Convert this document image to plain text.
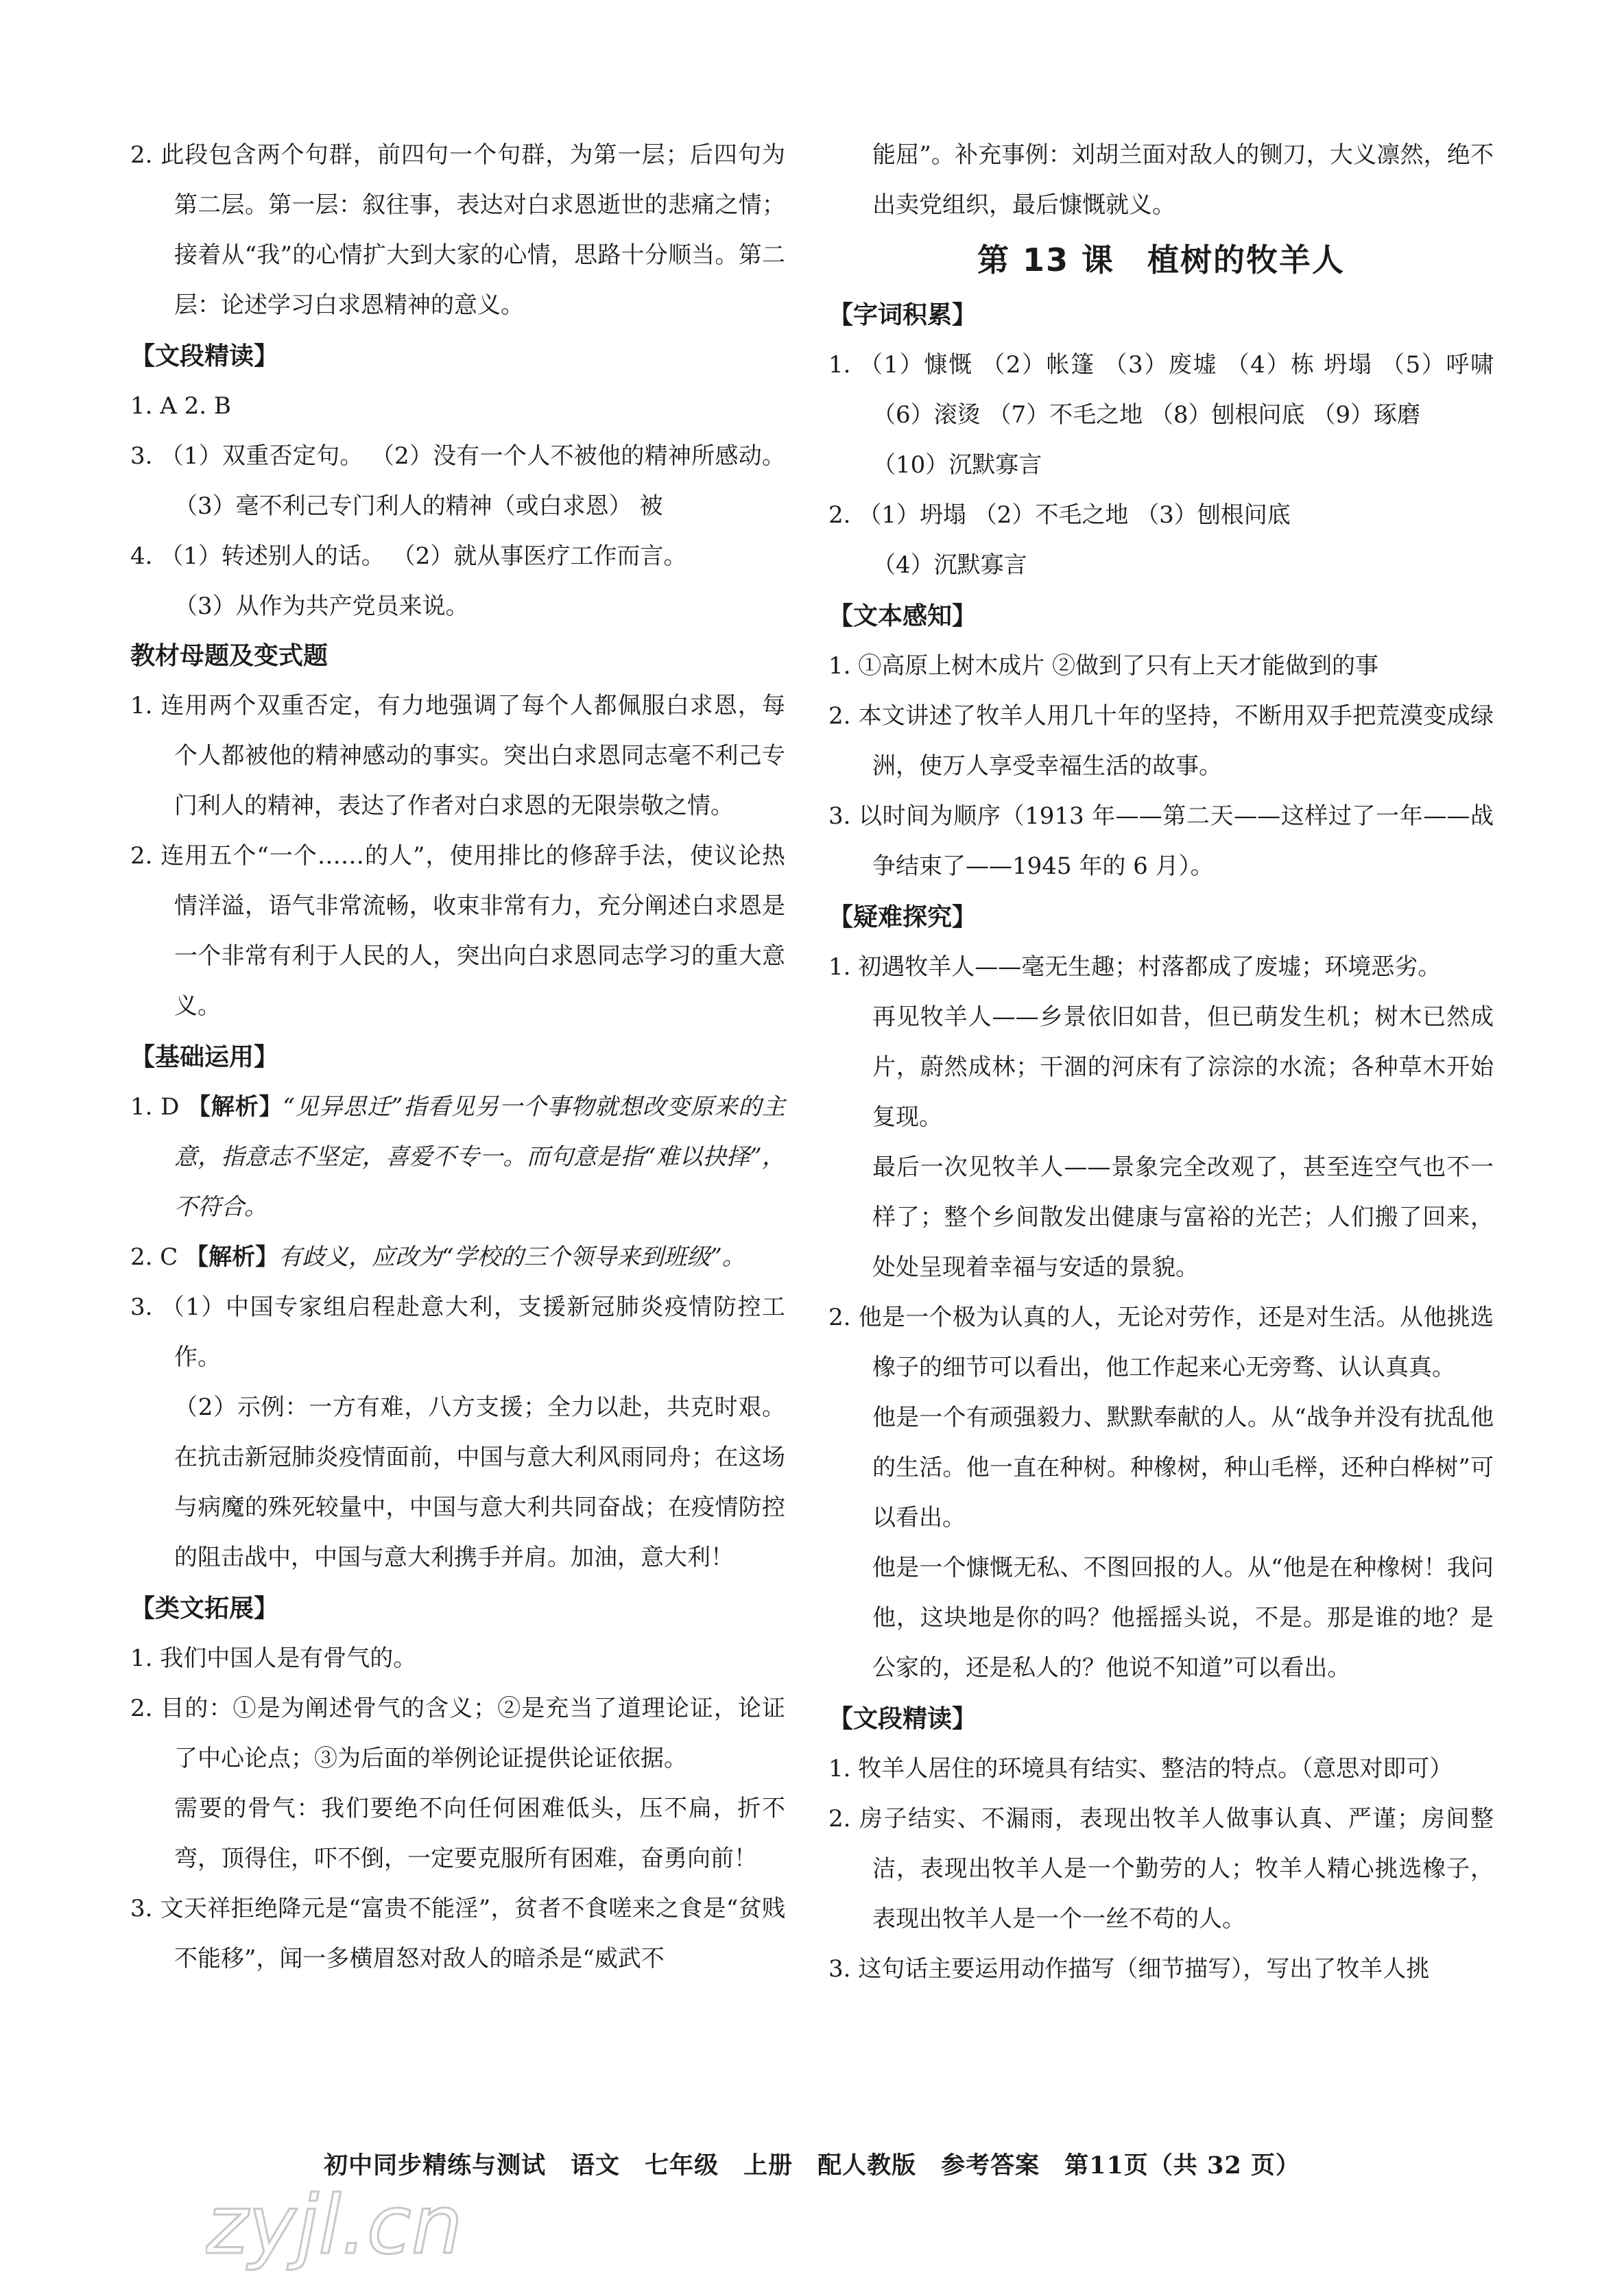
2. 此段包含两个句群，前四句一个句群，为第一层；后四句为第二层。第一层：叙往事，表达对白求恩逝世的悲痛之情；接着从“我”的心情扩大到大家的心情，思路十分顺当。第二层：论述学习白求恩精神的意义。

【文段精读】

1. A 2. B

3. （1）双重否定句。 （2）没有一个人不被他的精神所感动。 （3）毫不利己专门利人的精神（或白求恩） 被

4. （1）转述别人的话。 （2）就从事医疗工作而言。

（3）从作为共产党员来说。

教材母题及变式题

1. 连用两个双重否定，有力地强调了每个人都佩服白求恩，每个人都被他的精神感动的事实。突出白求恩同志毫不利己专门利人的精神，表达了作者对白求恩的无限崇敬之情。

2. 连用五个“一个……的人”，使用排比的修辞手法，使议论热情洋溢，语气非常流畅，收束非常有力，充分阐述白求恩是一个非常有利于人民的人，突出向白求恩同志学习的重大意义。

【基础运用】

1. D 【解析】“见异思迁”指看见另一个事物就想改变原来的主意，指意志不坚定，喜爱不专一。而句意是指“难以抉择”，不符合。

2. C 【解析】有歧义，应改为“学校的三个领导来到班级”。

3. （1）中国专家组启程赴意大利，支援新冠肺炎疫情防控工作。

（2）示例：一方有难，八方支援；全力以赴，共克时艰。在抗击新冠肺炎疫情面前，中国与意大利风雨同舟；在这场与病魔的殊死较量中，中国与意大利共同奋战；在疫情防控的阻击战中，中国与意大利携手并肩。加油，意大利！

【类文拓展】

1. 我们中国人是有骨气的。

2. 目的：①是为阐述骨气的含义；②是充当了道理论证，论证了中心论点；③为后面的举例论证提供论证依据。

需要的骨气：我们要绝不向任何困难低头，压不扁，折不弯，顶得住，吓不倒，一定要克服所有困难，奋勇向前！

3. 文天祥拒绝降元是“富贵不能淫”，贫者不食嗟来之食是“贫贱不能移”，闻一多横眉怒对敌人的暗杀是“威武不

能屈”。补充事例：刘胡兰面对敌人的铡刀，大义凛然，绝不出卖党组织，最后慷慨就义。

第 13 课　植树的牧羊人
【字词积累】

1. （1）慷慨 （2）帐篷 （3）废墟 （4）栋 坍塌 （5）呼啸 （6）滚烫 （7）不毛之地 （8）刨根问底 （9）琢磨

（10）沉默寡言

2. （1）坍塌 （2）不毛之地 （3）刨根问底

（4）沉默寡言

【文本感知】

1. ①高原上树木成片 ②做到了只有上天才能做到的事

2. 本文讲述了牧羊人用几十年的坚持，不断用双手把荒漠变成绿洲，使万人享受幸福生活的故事。

3. 以时间为顺序（1913 年——第二天——这样过了一年——战争结束了——1945 年的 6 月）。

【疑难探究】

1. 初遇牧羊人——毫无生趣；村落都成了废墟；环境恶劣。

再见牧羊人——乡景依旧如昔，但已萌发生机；树木已然成片，蔚然成林；干涸的河床有了淙淙的水流；各种草木开始复现。

最后一次见牧羊人——景象完全改观了，甚至连空气也不一样了；整个乡间散发出健康与富裕的光芒；人们搬了回来，处处呈现着幸福与安适的景貌。

2. 他是一个极为认真的人，无论对劳作，还是对生活。从他挑选橡子的细节可以看出，他工作起来心无旁骛、认认真真。

他是一个有顽强毅力、默默奉献的人。从“战争并没有扰乱他的生活。他一直在种树。种橡树，种山毛榉，还种白桦树”可以看出。

他是一个慷慨无私、不图回报的人。从“他是在种橡树！我问他，这块地是你的吗？他摇摇头说，不是。那是谁的地？是公家的，还是私人的？他说不知道”可以看出。

【文段精读】

1. 牧羊人居住的环境具有结实、整洁的特点。（意思对即可）

2. 房子结实、不漏雨，表现出牧羊人做事认真、严谨；房间整洁，表现出牧羊人是一个勤劳的人；牧羊人精心挑选橡子，表现出牧羊人是一个一丝不苟的人。

3. 这句话主要运用动作描写（细节描写），写出了牧羊人挑

初中同步精练与测试　语文　七年级　上册　配人教版　参考答案　第11页（共 32 页）
zyjl.cn
